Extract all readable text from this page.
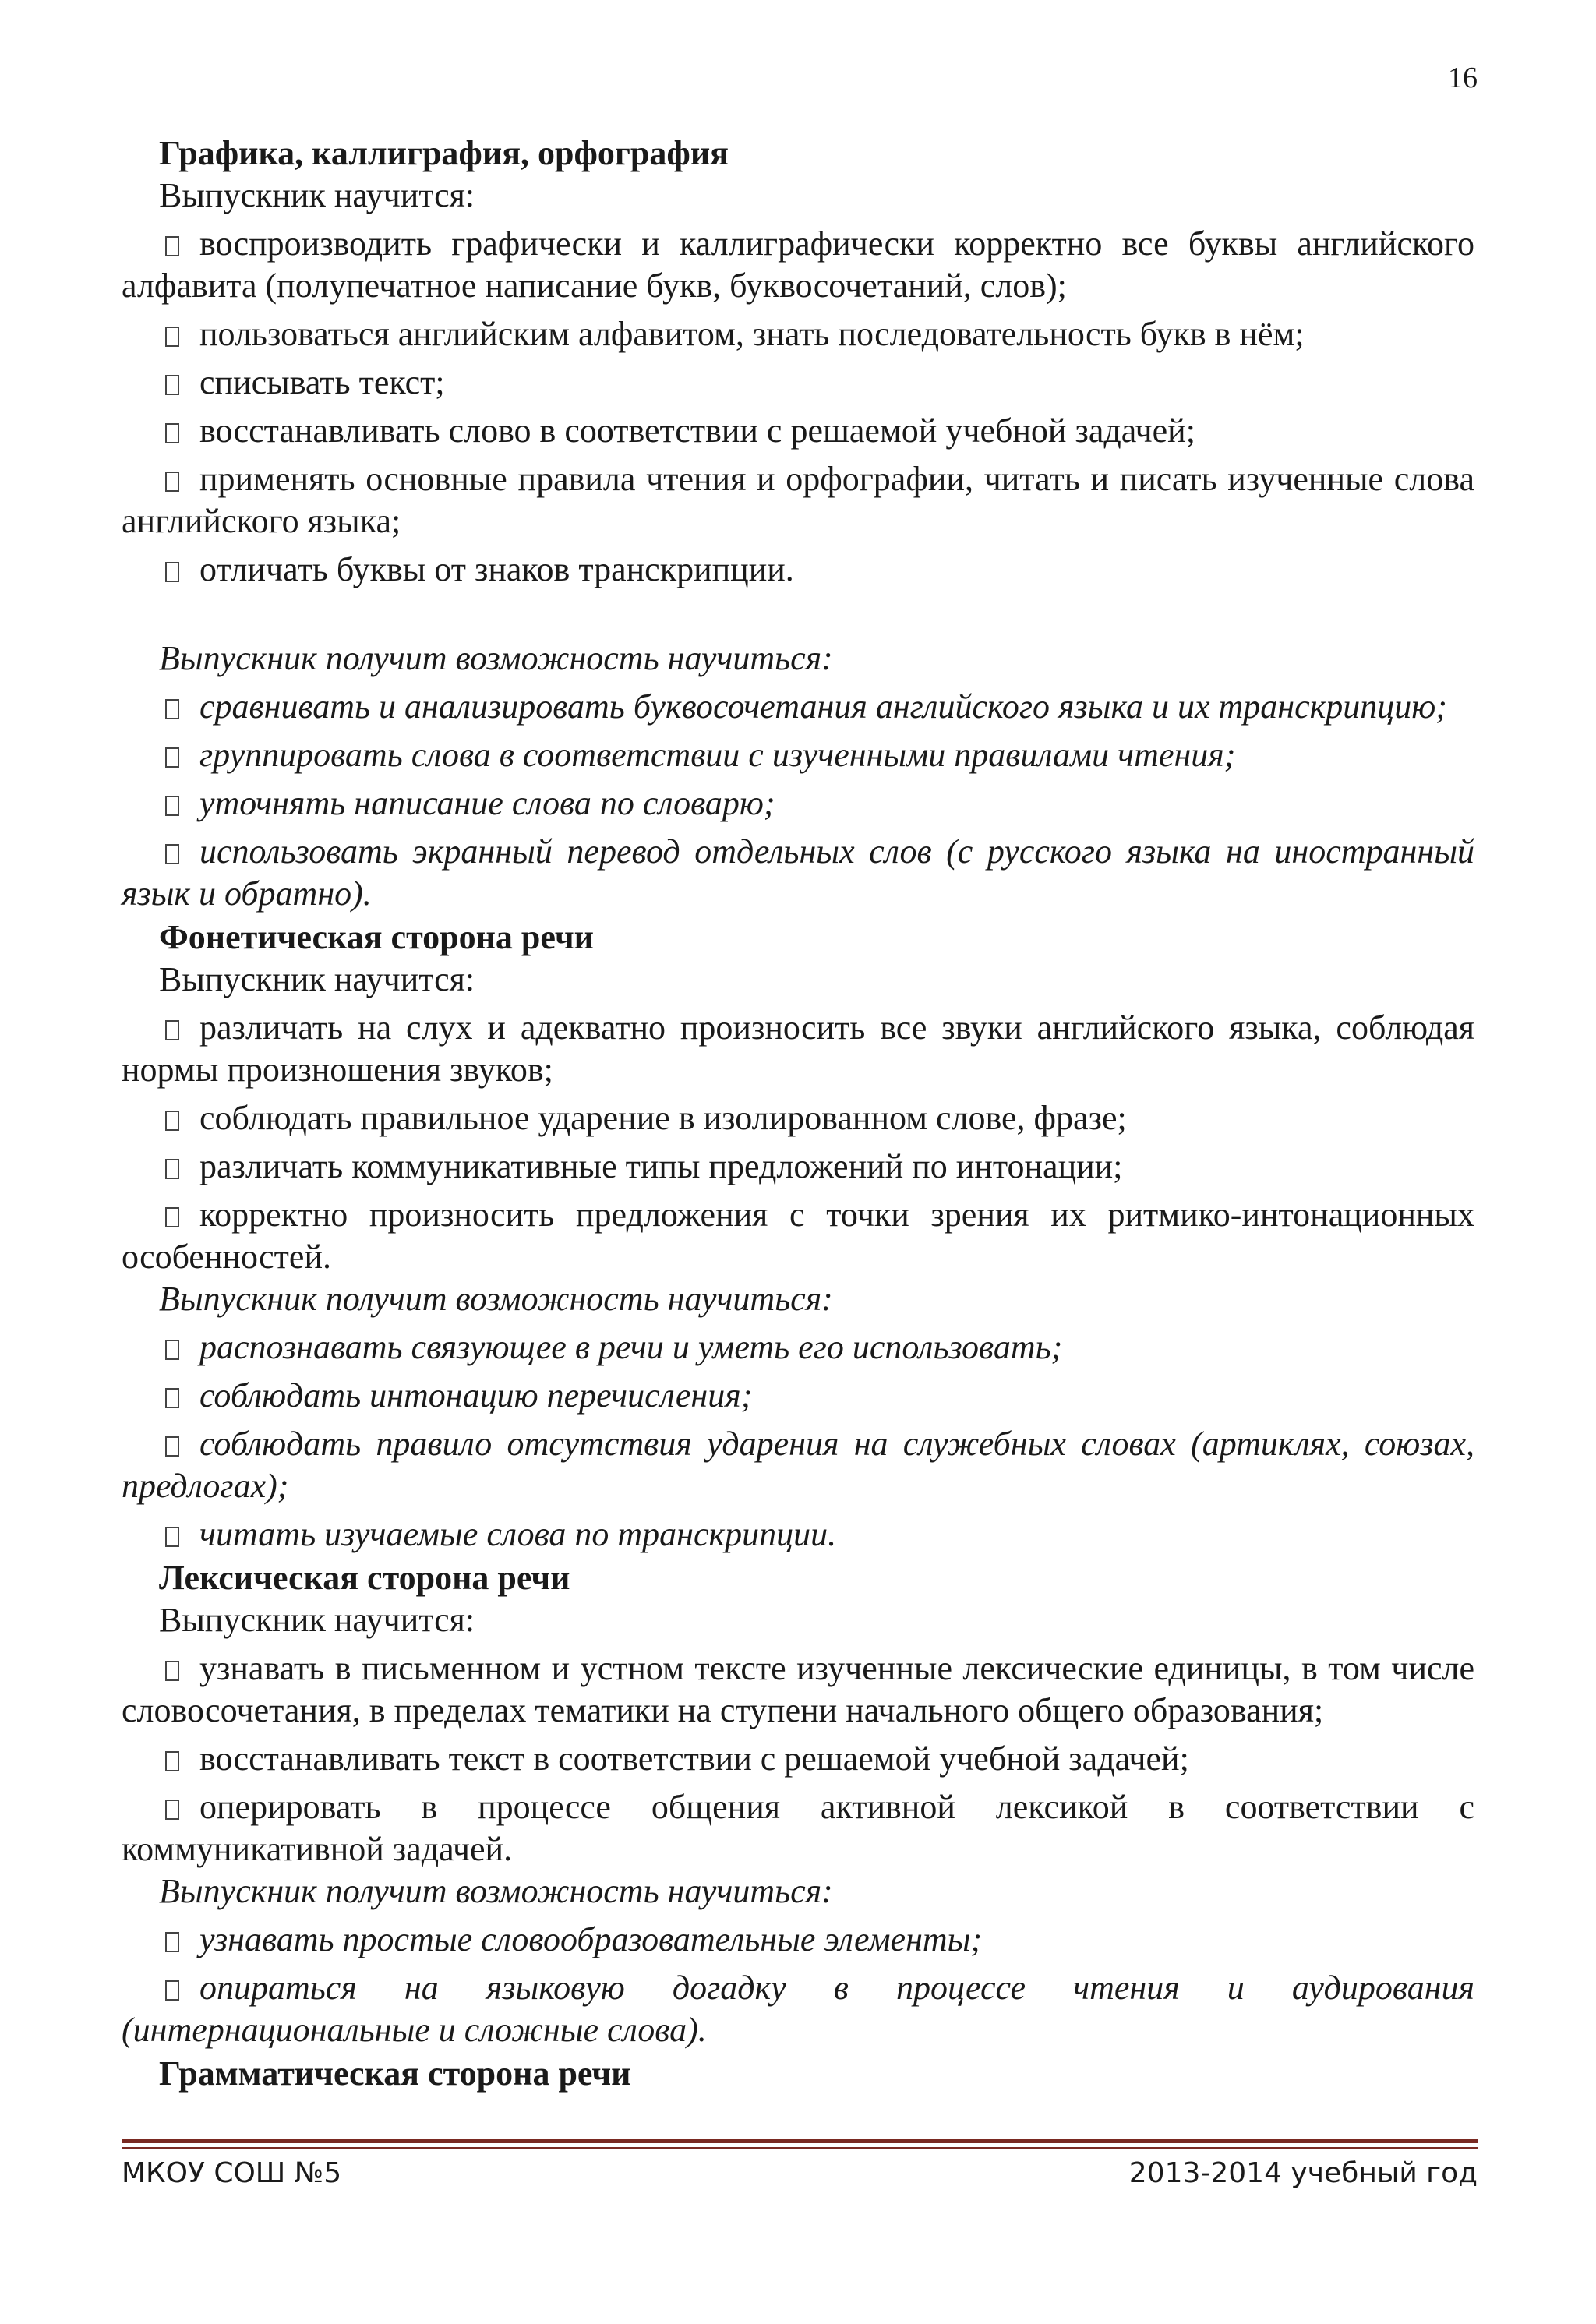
16
Графика, каллиграфия, орфография
Выпускник научится:
воспроизводить графически и каллиграфически корректно все буквы английского алфавита (полупечатное написание букв, буквосочетаний, слов);
пользоваться английским алфавитом, знать последовательность букв в нём;
списывать текст;
восстанавливать слово в соответствии с решаемой учебной задачей;
применять основные правила чтения и орфографии, читать и писать изученные слова английского языка;
отличать буквы от знаков транскрипции.
Выпускник получит возможность научиться:
сравнивать и анализировать буквосочетания английского языка и их транскрипцию;
группировать слова в соответствии с изученными правилами чтения;
уточнять написание слова по словарю;
использовать экранный перевод отдельных слов (с русского языка на иностранный язык и обратно).
Фонетическая сторона речи
Выпускник научится:
различать на слух и адекватно произносить все звуки английского языка, соблюдая нормы произношения звуков;
соблюдать правильное ударение в изолированном слове, фразе;
различать коммуникативные типы предложений по интонации;
корректно произносить предложения с точки зрения их ритмико-интонационных особенностей.
Выпускник получит возможность научиться:
распознавать связующее в речи и уметь его использовать;
соблюдать интонацию перечисления;
соблюдать правило отсутствия ударения на служебных словах (артиклях, союзах, предлогах);
читать изучаемые слова по транскрипции.
Лексическая сторона речи
Выпускник научится:
узнавать в письменном и устном тексте изученные лексические единицы, в том числе словосочетания, в пределах тематики на ступени начального общего образования;
восстанавливать текст в соответствии с решаемой учебной задачей;
оперировать в процессе общения активной лексикой в соответствии с коммуникативной задачей.
Выпускник получит возможность научиться:
узнавать простые словообразовательные элементы;
опираться на языковую догадку в процессе чтения и аудирования (интернациональные и сложные слова).
Грамматическая сторона речи
МКОУ СОШ №5	2013-2014 учебный год
